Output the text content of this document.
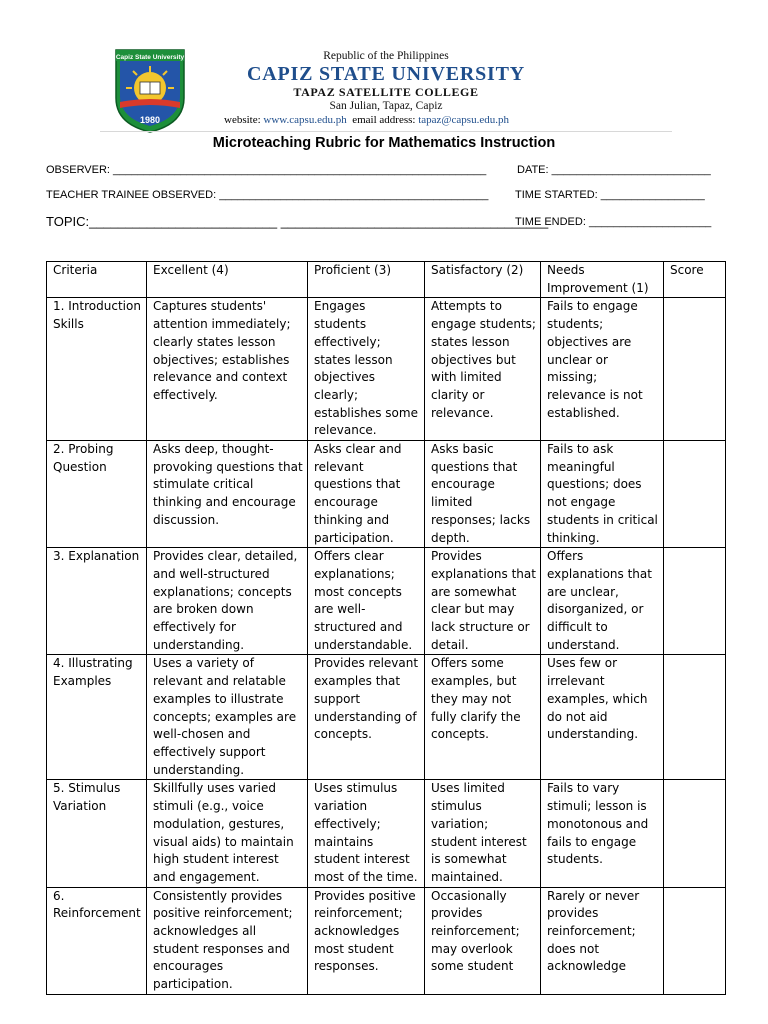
Capiz State University
1980
Republic of the Philippines
CAPIZ STATE UNIVERSITY
TAPAZ SATELLITE COLLEGE
San Julian, Tapaz, Capiz
website: www.capsu.edu.ph email address: tapaz@capsu.edu.ph
Microteaching Rubric for Mathematics Instruction
OBSERVER: _____________________________________________________________	DATE: __________________________
TEACHER TRAINEE OBSERVED: ____________________________________________ TIME STARTED: _________________
TOPIC:__________________________ _____________________________________
TIME ENDED: ____________________
Criteria	Excellent (4)	Proficient (3)	Satisfactory (2)	Needs Improvement (1)	Score
1. Introduction Skills	Captures students' attention immediately; clearly states lesson objectives; establishes relevance and context effectively.	Engages students effectively; states lesson objectives clearly; establishes some relevance.	Attempts to engage students; states lesson objectives but with limited clarity or relevance.	Fails to engage students; objectives are unclear or missing; relevance is not established.	
2. Probing Question	Asks deep, thought-provoking questions that stimulate critical thinking and encourage discussion.	Asks clear and relevant questions that encourage thinking and participation.	Asks basic questions that encourage limited responses; lacks depth.	Fails to ask meaningful questions; does not engage students in critical thinking.	
3. Explanation	Provides clear, detailed, and well-structured explanations; concepts are broken down effectively for understanding.	Offers clear explanations; most concepts are well-structured and understandable.	Provides explanations that are somewhat clear but may lack structure or detail.	Offers explanations that are unclear, disorganized, or difficult to understand.	
4. Illustrating Examples	Uses a variety of relevant and relatable examples to illustrate concepts; examples are well-chosen and effectively support understanding.	Provides relevant examples that support understanding of concepts.	Offers some examples, but they may not fully clarify the concepts.	Uses few or irrelevant examples, which do not aid understanding.	
5. Stimulus Variation	Skillfully uses varied stimuli (e.g., voice modulation, gestures, visual aids) to maintain high student interest and engagement.	Uses stimulus variation effectively; maintains student interest most of the time.	Uses limited stimulus variation; student interest is somewhat maintained.	Fails to vary stimuli; lesson is monotonous and fails to engage students.	
6. Reinforcement	Consistently provides positive reinforcement; acknowledges all student responses and encourages participation.	Provides positive reinforcement; acknowledges most student responses.	Occasionally provides reinforcement; may overlook some student	Rarely or never provides reinforcement; does not acknowledge	
